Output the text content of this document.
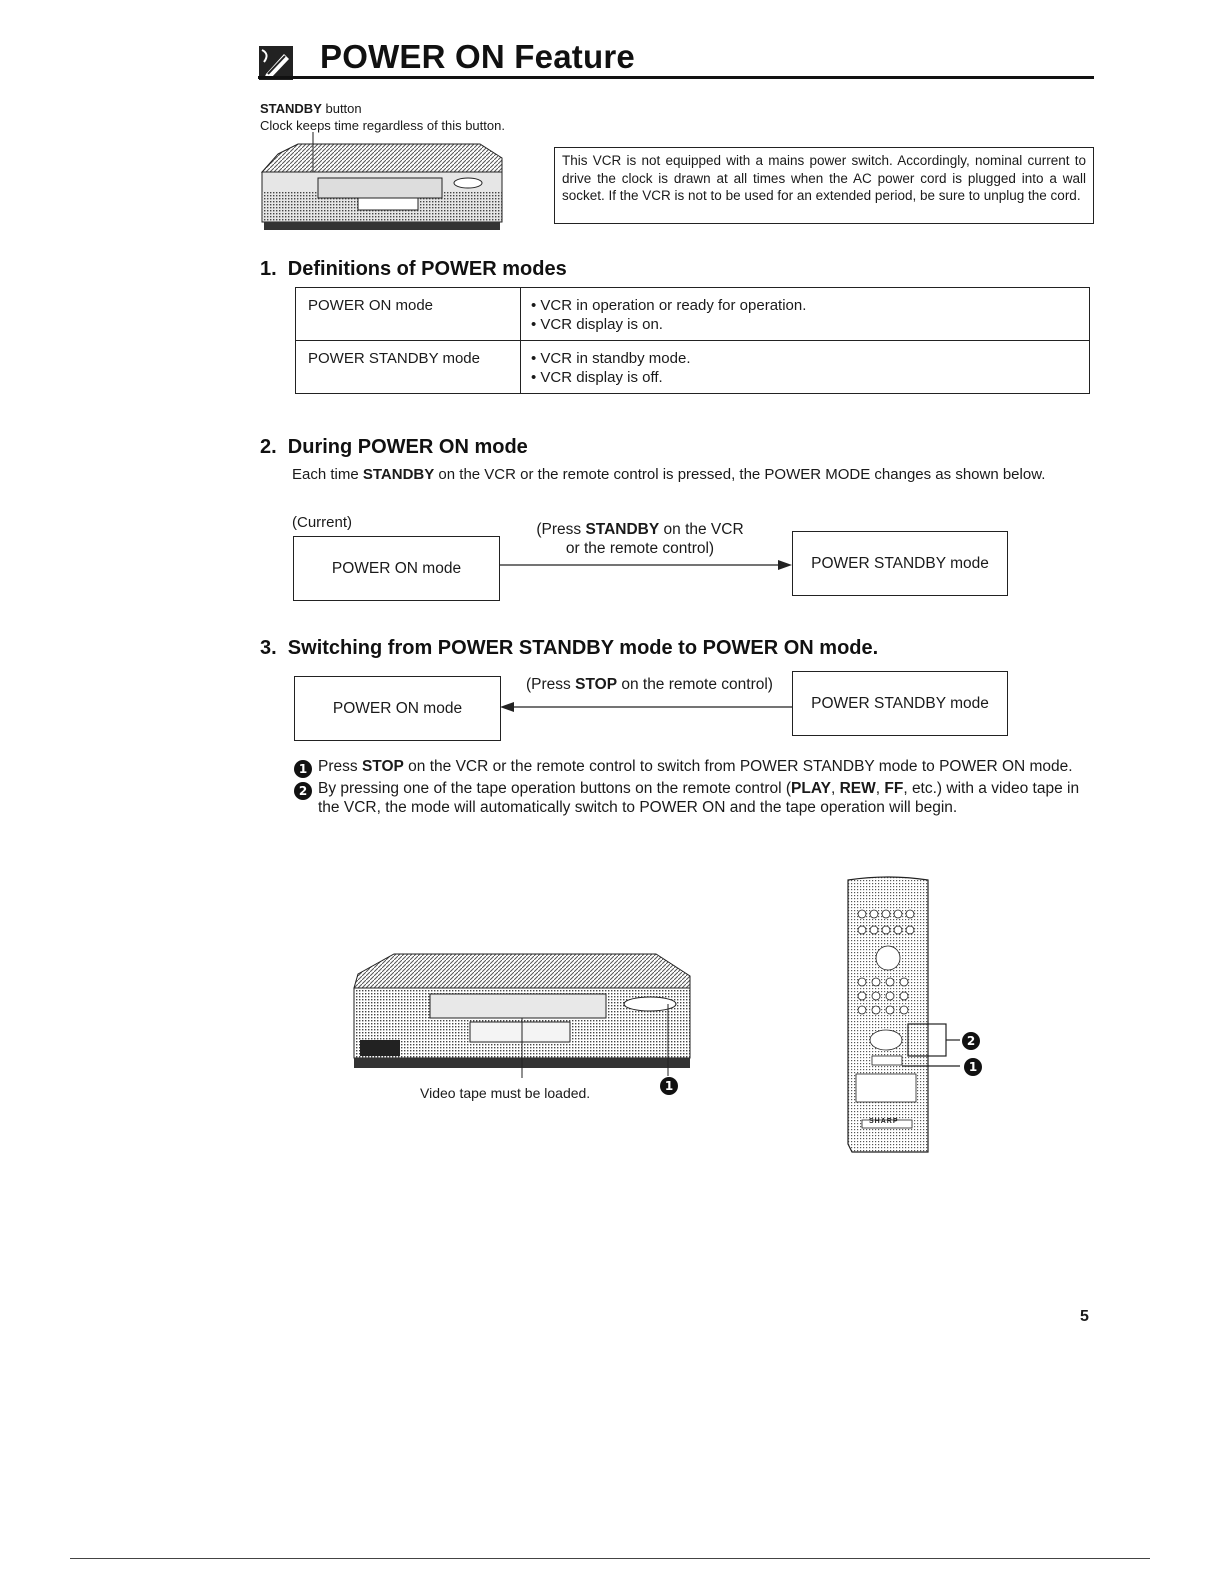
POWER ON Feature
STANDBY button
Clock keeps time regardless of this button.
This VCR is not equipped with a mains power switch. Accordingly, nominal current to drive the clock is drawn at all times when the AC power cord is plugged into a wall socket. If the VCR is not to be used for an extended period, be sure to unplug the cord.
1.  Definitions of POWER modes
POWER ON mode	• VCR in operation or ready for operation.
• VCR display is on.

POWER STANDBY mode	• VCR in standby mode.
• VCR display is off.
2.  During POWER ON mode
Each time STANDBY on the VCR or the remote control is pressed, the POWER MODE changes as shown below.
(Current)
POWER ON mode
(Press STANDBY on the VCR
or the remote control)
POWER STANDBY mode
3.  Switching from POWER STANDBY mode to POWER ON mode.
POWER ON mode
(Press STOP on the remote control)
POWER STANDBY mode
1 Press STOP on the VCR or the remote control to switch from POWER STANDBY mode to POWER ON mode.
2 By pressing one of the tape operation buttons on the remote control (PLAY, REW, FF, etc.) with a video tape in the VCR, the mode will automatically switch to POWER ON and the tape operation will begin.
Video tape must be loaded.	1
SHARP
2
1
5
